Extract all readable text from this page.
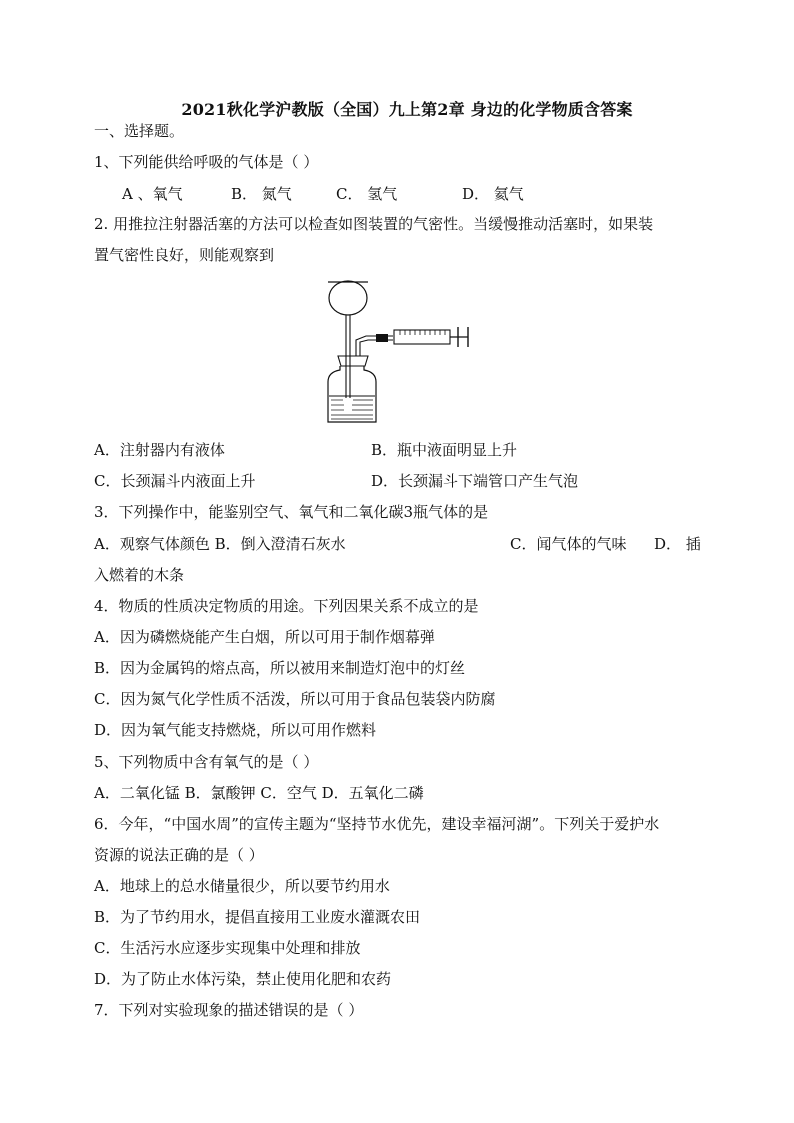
2021秋化学沪教版（全国）九上第2章 身边的化学物质含答案
一、选择题。
1、下列能供给呼吸的气体是（ ）
A 、氧气	B． 氮气	C． 氢气	D． 氦气
2. 用推拉注射器活塞的方法可以检查如图装置的气密性。当缓慢推动活塞时，如果装
置气密性良好，则能观察到
A．注射器内有液体	B．瓶中液面明显上升
C．长颈漏斗内液面上升	D．长颈漏斗下端管口产生气泡
3．下列操作中，能鉴别空气、氧气和二氧化碳3瓶气体的是
A．观察气体颜色 B．倒入澄清石灰水	C．闻气体的气味 D． 插
入燃着的木条
4．物质的性质决定物质的用途。下列因果关系不成立的是
A．因为磷燃烧能产生白烟，所以可用于制作烟幕弹
B．因为金属钨的熔点高，所以被用来制造灯泡中的灯丝
C．因为氮气化学性质不活泼，所以可用于食品包装袋内防腐
D．因为氧气能支持燃烧，所以可用作燃料
5、下列物质中含有氧气的是（ ）
A．二氧化锰 B．氯酸钾 C．空气 D．五氧化二磷
6．今年，“中国水周”的宣传主题为“坚持节水优先，建设幸福河湖”。下列关于爱护水
资源的说法正确的是（ ）
A．地球上的总水储量很少，所以要节约用水
B．为了节约用水，提倡直接用工业废水灌溉农田
C．生活污水应逐步实现集中处理和排放
D．为了防止水体污染，禁止使用化肥和农药
7．下列对实验现象的描述错误的是（ ）
